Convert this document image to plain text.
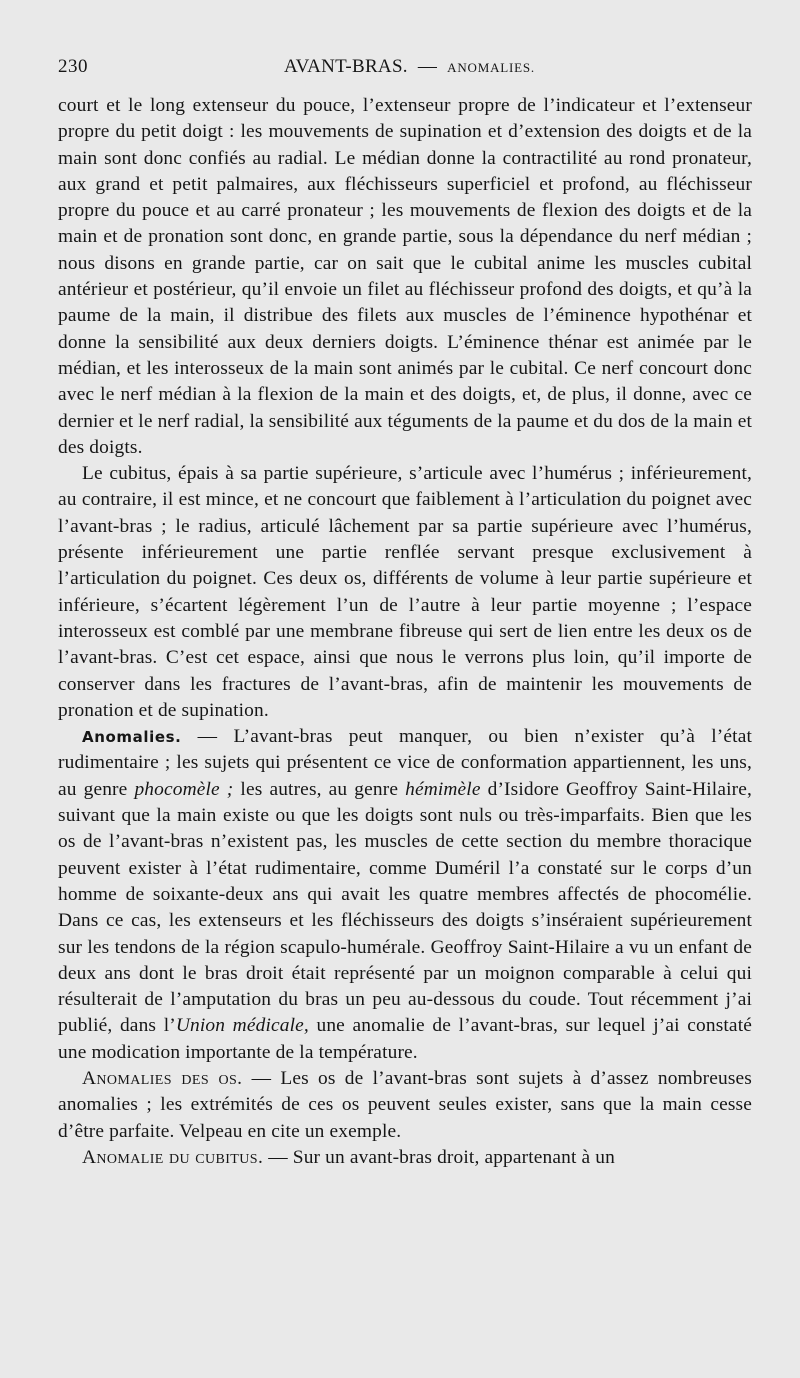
230	AVANT-BRAS. — ANOMALIES.

court et le long extenseur du pouce, l’extenseur propre de l’indicateur et l’extenseur propre du petit doigt : les mouvements de supination et d’extension des doigts et de la main sont donc confiés au radial. Le médian donne la contractilité au rond pronateur, aux grand et petit palmaires, aux fléchisseurs superficiel et profond, au fléchisseur propre du pouce et au carré pronateur ; les mouvements de flexion des doigts et de la main et de pronation sont donc, en grande partie, sous la dépendance du nerf médian ; nous disons en grande partie, car on sait que le cubital anime les muscles cubital antérieur et postérieur, qu’il envoie un filet au fléchisseur profond des doigts, et qu’à la paume de la main, il distribue des filets aux muscles de l’éminence hypothénar et donne la sensibilité aux deux derniers doigts. L’éminence thénar est animée par le médian, et les interosseux de la main sont animés par le cubital. Ce nerf concourt donc avec le nerf médian à la flexion de la main et des doigts, et, de plus, il donne, avec ce dernier et le nerf radial, la sensibilité aux téguments de la paume et du dos de la main et des doigts.

Le cubitus, épais à sa partie supérieure, s’articule avec l’humérus ; inférieurement, au contraire, il est mince, et ne concourt que faiblement à l’articulation du poignet avec l’avant-bras ; le radius, articulé lâchement par sa partie supérieure avec l’humérus, présente inférieurement une partie renflée servant presque exclusivement à l’articulation du poignet. Ces deux os, différents de volume à leur partie supérieure et inférieure, s’écartent légèrement l’un de l’autre à leur partie moyenne ; l’espace interosseux est comblé par une membrane fibreuse qui sert de lien entre les deux os de l’avant-bras. C’est cet espace, ainsi que nous le verrons plus loin, qu’il importe de conserver dans les fractures de l’avant-bras, afin de maintenir les mouvements de pronation et de supination.

Anomalies. — L’avant-bras peut manquer, ou bien n’exister qu’à l’état rudimentaire ; les sujets qui présentent ce vice de conformation appartiennent, les uns, au genre phocomèle ; les autres, au genre hémimèle d’Isidore Geoffroy Saint-Hilaire, suivant que la main existe ou que les doigts sont nuls ou très-imparfaits. Bien que les os de l’avant-bras n’existent pas, les muscles de cette section du membre thoracique peuvent exister à l’état rudimentaire, comme Duméril l’a constaté sur le corps d’un homme de soixante-deux ans qui avait les quatre membres affectés de phocomélie. Dans ce cas, les extenseurs et les fléchisseurs des doigts s’inséraient supérieurement sur les tendons de la région scapulo-humérale. Geoffroy Saint-Hilaire a vu un enfant de deux ans dont le bras droit était représenté par un moignon comparable à celui qui résulterait de l’amputation du bras un peu au-dessous du coude. Tout récemment j’ai publié, dans l’Union médicale, une anomalie de l’avant-bras, sur lequel j’ai constaté une modication importante de la température.

Anomalies des os. — Les os de l’avant-bras sont sujets à d’assez nombreuses anomalies ; les extrémités de ces os peuvent seules exister, sans que la main cesse d’être parfaite. Velpeau en cite un exemple.

Anomalie du cubitus. — Sur un avant-bras droit, appartenant à un
